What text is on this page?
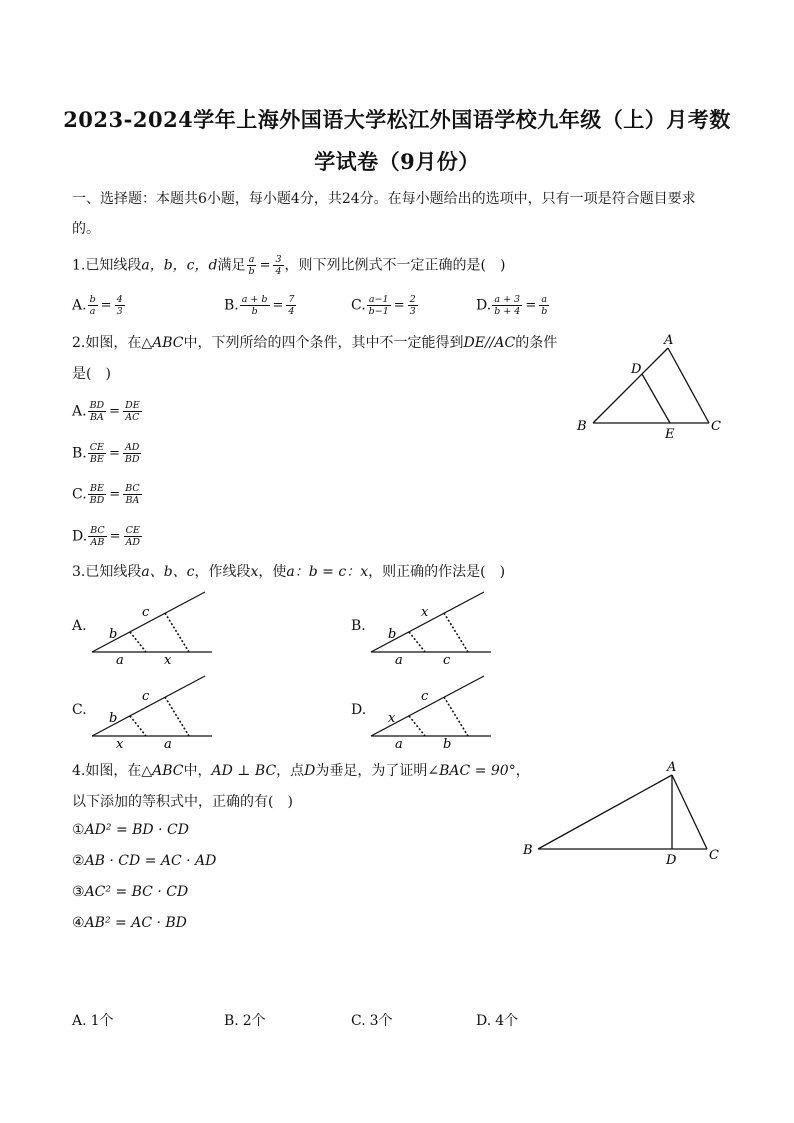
2023-2024学年上海外国语大学松江外国语学校九年级（上）月考数
学试卷（9月份）
一、选择题：本题共6小题，每小题4分，共24分。在每小题给出的选项中，只有一项是符合题目要求
的。
1.已知线段a，b，c，d满足 $\frac{a}{b} = \frac{3}{4}$ ，则下列比例式不一定正确的是(　)
A. $\frac{b}{a} = \frac{4}{3}$	B. $\frac{a + b}{b} = \frac{7}{4}$	C. $\frac{a-1}{b-1} = \frac{2}{3}$	D. $\frac{a + 3}{b + 4} = \frac{a}{b}$
2.如图，在△ABC中，下列所给的四个条件，其中不一定能得到DE//AC的条件
是(　)
A. $\frac{BD}{BA} = \frac{DE}{AC}$
B. $\frac{CE}{BE} = \frac{AD}{BD}$
C. $\frac{BE}{BD} = \frac{BC}{BA}$
D. $\frac{BC}{AB} = \frac{CE}{AD}$
A
B	C
D
E
3.已知线段a、b、c，作线段x，使a：b = c：x，则正确的作法是(　)
A.
b
c
a	x
B.
b
x
a	c
C.
b
c
x	a
D.
x
c
a	b
4.如图，在△ABC中，AD ⊥ BC，点D为垂足，为了证明∠BAC = 90°，
以下添加的等积式中，正确的有(　)
①AD² = BD · CD
②AB · CD = AC · AD
③AC² = BC · CD
④AB² = AC · BD
A. 1个	B. 2个	C. 3个	D. 4个
A
B	C
D
